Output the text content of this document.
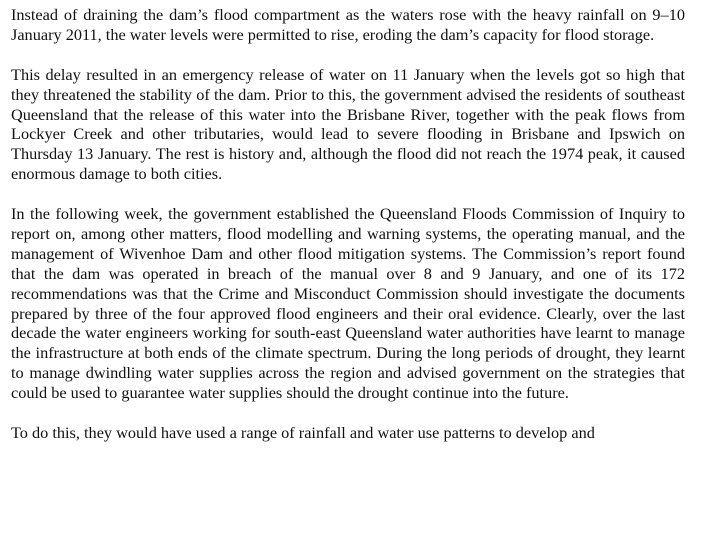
Instead of draining the dam’s flood compartment as the waters rose with the heavy rainfall on 9–10 January 2011, the water levels were permitted to rise, eroding the dam’s capacity for flood storage.

This delay resulted in an emergency release of water on 11 January when the levels got so high that they threatened the stability of the dam. Prior to this, the government advised the residents of southeast Queensland that the release of this water into the Brisbane River, together with the peak flows from Lockyer Creek and other tributaries, would lead to severe flooding in Brisbane and Ipswich on Thursday 13 January. The rest is history and, although the flood did not reach the 1974 peak, it caused enormous damage to both cities.

In the following week, the government established the Queensland Floods Commission of Inquiry to report on, among other matters, flood modelling and warning systems, the operating manual, and the management of Wivenhoe Dam and other flood mitigation systems. The Commission’s report found that the dam was operated in breach of the manual over 8 and 9 January, and one of its 172 recommendations was that the Crime and Misconduct Commission should investigate the documents prepared by three of the four approved flood engineers and their oral evidence. Clearly, over the last decade the water engineers working for south-east Queensland water authorities have learnt to manage the infrastructure at both ends of the climate spectrum. During the long periods of drought, they learnt to manage dwindling water supplies across the region and advised government on the strategies that could be used to guarantee water supplies should the drought continue into the future.

To do this, they would have used a range of rainfall and water use patterns to develop and
